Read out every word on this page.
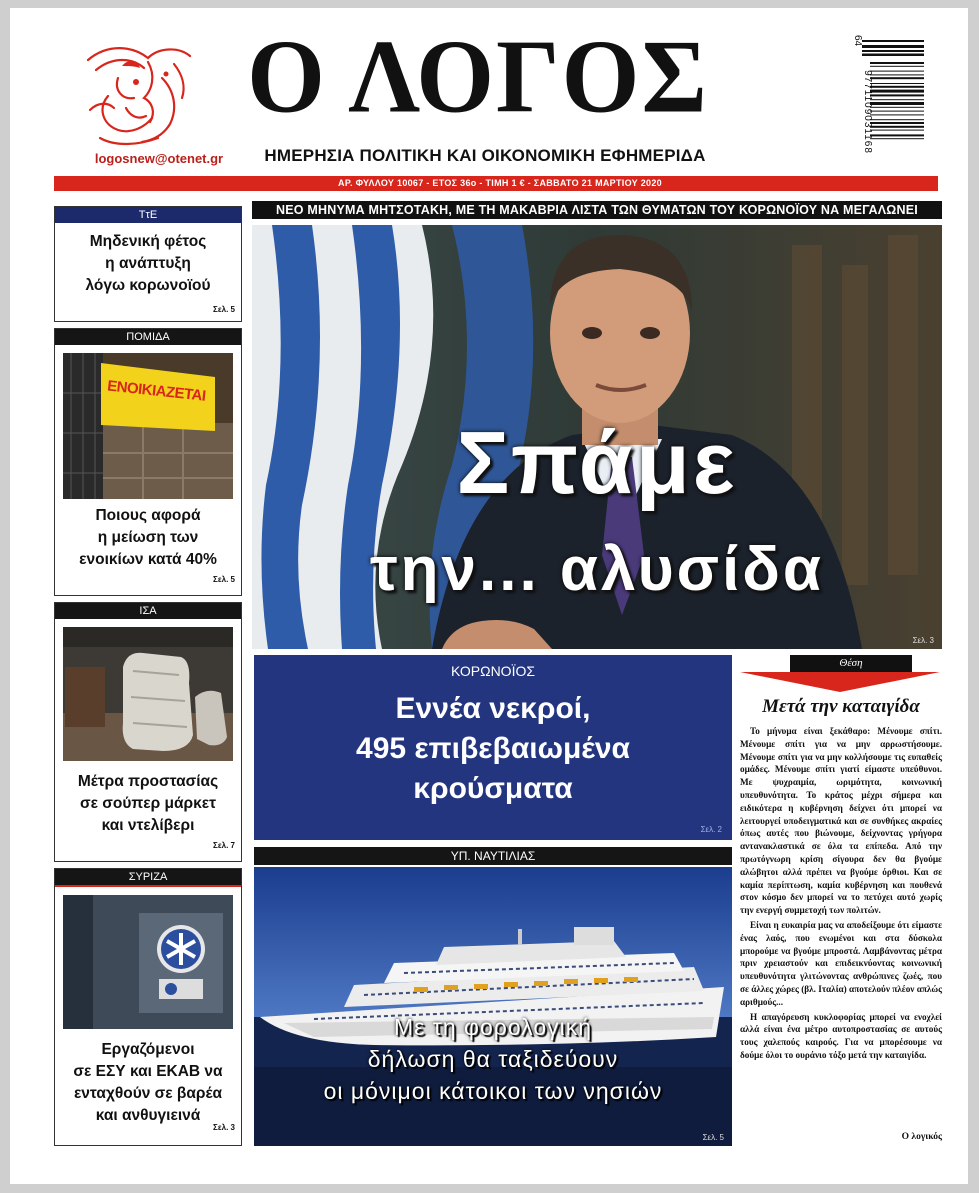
logosnew@otenet.gr
Ο ΛΟΓΟΣ
ΗΜΕΡΗΣΙΑ ΠΟΛΙΤΙΚΗ ΚΑΙ ΟΙΚΟΝΟΜΙΚΗ ΕΦΗΜΕΡΙΔΑ
9771109031168
64
ΑΡ. ΦΥΛΛΟΥ 10067 - ΕΤΟΣ 36ο - ΤΙΜΗ 1 € - ΣΑΒΒΑΤΟ 21 ΜΑΡΤΙΟΥ 2020
ΤτΕ
Μηδενική φέτος
η ανάπτυξη
λόγω κορωνοϊού
Σελ. 5
ΠΟΜΙΔΑ
ΕΝΟΙΚΙΑΖΕΤΑΙ
Ποιους αφορά
η μείωση των
ενοικίων κατά 40%
Σελ. 5
ΙΣΑ
Μέτρα προστασίας
σε σούπερ μάρκετ
και ντελίβερι
Σελ. 7
ΣΥΡΙΖΑ
Εργαζόμενοι
σε ΕΣΥ και ΕΚΑΒ να
ενταχθούν σε βαρέα
και ανθυγιεινά
Σελ. 3
ΝΕΟ ΜΗΝΥΜΑ ΜΗΤΣΟΤΑΚΗ, ΜΕ ΤΗ ΜΑΚΑΒΡΙΑ ΛΙΣΤΑ ΤΩΝ ΘΥΜΑΤΩΝ ΤΟΥ ΚΟΡΩΝΟΪΟΥ ΝΑ ΜΕΓΑΛΩΝΕΙ
Σπάμε
την... αλυσίδα
Σελ. 3
ΚΟΡΩΝΟΪΟΣ
Εννέα νεκροί,
495 επιβεβαιωμένα
κρούσματα
Σελ. 2
ΥΠ. ΝΑΥΤΙΛΙΑΣ
Με τη φορολογική
δήλωση θα ταξιδεύουν
οι μόνιμοι κάτοικοι των νησιών
Σελ. 5
Θέση
Μετά την καταιγίδα

Το μήνυμα είναι ξεκάθαρο: Μένουμε σπίτι. Μένουμε σπίτι για να μην αρρωστήσουμε. Μένουμε σπίτι για να μην κολλήσουμε τις ευπαθείς ομάδες. Μένουμε σπίτι γιατί είμαστε υπεύθυνοι. Με ψυχραιμία, ωριμότητα, κοινωνική υπευθυνότητα. Το κράτος μέχρι σήμερα και ειδικότερα η κυβέρνηση δείχνει ότι μπορεί να λειτουργεί υποδειγματικά και σε συνθήκες ακραίες όπως αυτές που βιώνουμε, δείχνοντας γρήγορα αντανακλαστικά σε όλα τα επίπεδα. Από την πρωτόγνωρη κρίση σίγουρα δεν θα βγούμε αλώβητοι αλλά πρέπει να βγούμε όρθιοι. Και σε καμία περίπτωση, καμία κυβέρνηση και πουθενά στον κόσμο δεν μπορεί να το πετύχει αυτό χωρίς την ενεργή συμμετοχή των πολιτών.

Είναι η ευκαιρία μας να αποδείξουμε ότι είμαστε ένας λαός, που ενωμένοι και στα δύσκολα μπορούμε να βγούμε μπροστά. Λαμβάνοντας μέτρα πριν χρειαστούν και επιδεικνύοντας κοινωνική υπευθυνότητα γλιτώνοντας ανθρώπινες ζωές, που σε άλλες χώρες (βλ. Ιταλία) αποτελούν πλέον απλώς αριθμούς...

Η απαγόρευση κυκλοφορίας μπορεί να ενοχλεί αλλά είναι ένα μέτρο αυτοπροστασίας σε αυτούς τους χαλεπούς καιρούς. Για να μπορέσουμε να δούμε όλοι το ουράνιο τόξο μετά την καταιγίδα.

Ο λογικός
